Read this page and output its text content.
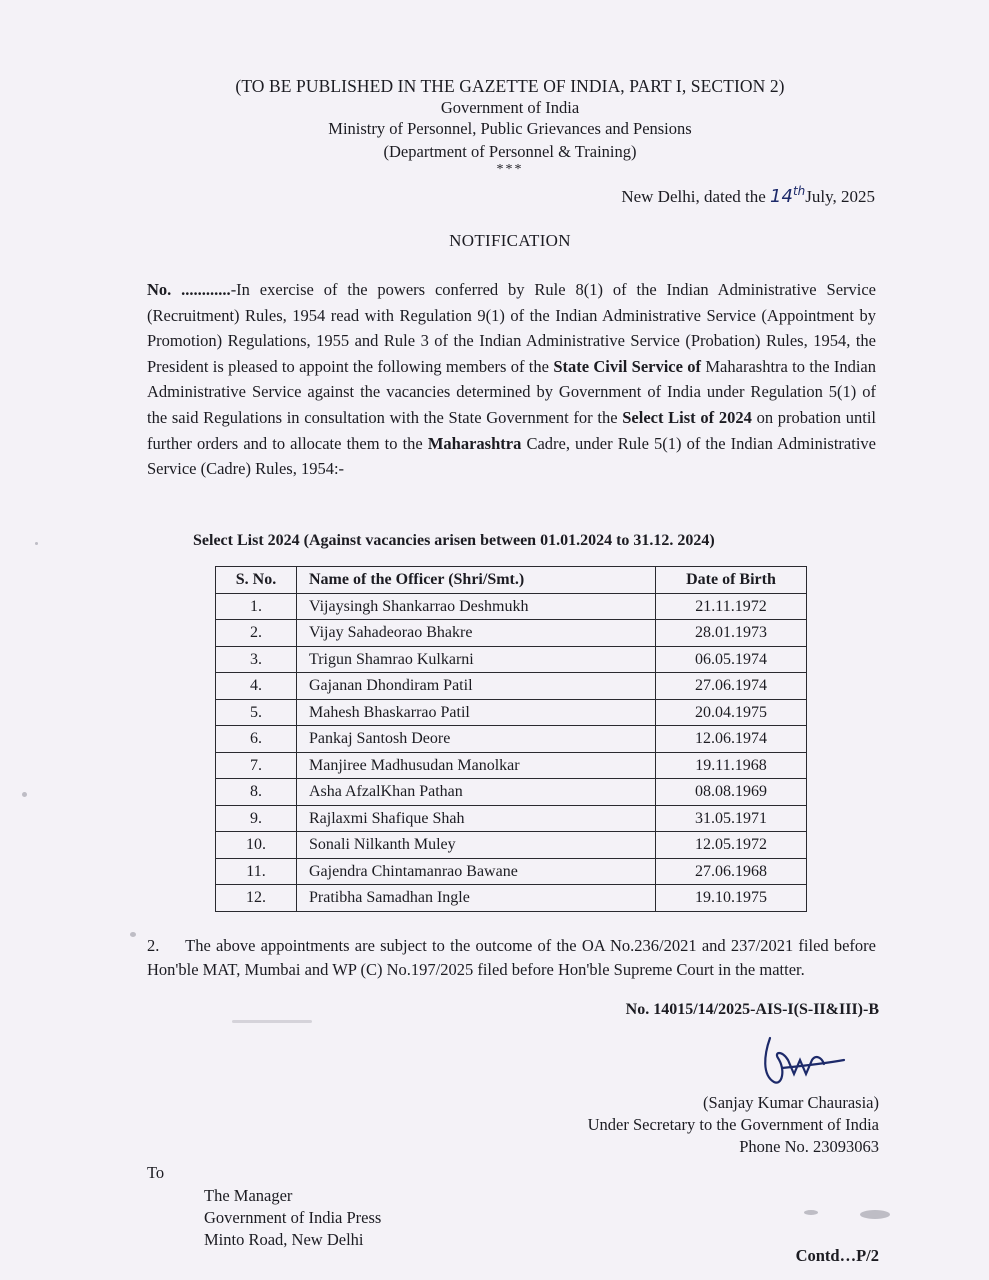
(TO BE PUBLISHED IN THE GAZETTE OF INDIA, PART I, SECTION 2)
Government of India
Ministry of Personnel, Public Grievances and Pensions
(Department of Personnel & Training)
***
New Delhi, dated the 14thJuly, 2025
NOTIFICATION
No. ............-In exercise of the powers conferred by Rule 8(1) of the Indian Administrative Service (Recruitment) Rules, 1954 read with Regulation 9(1) of the Indian Administrative Service (Appointment by Promotion) Regulations, 1955 and Rule 3 of the Indian Administrative Service (Probation) Rules, 1954, the President is pleased to appoint the following members of the State Civil Service of Maharashtra to the Indian Administrative Service against the vacancies determined by Government of India under Regulation 5(1) of the said Regulations in consultation with the State Government for the Select List of 2024 on probation until further orders and to allocate them to the Maharashtra Cadre, under Rule 5(1) of the Indian Administrative Service (Cadre) Rules, 1954:-
Select List 2024 (Against vacancies arisen between 01.01.2024 to 31.12. 2024)
S. No.	Name of the Officer (Shri/Smt.)	Date of Birth
1.	Vijaysingh Shankarrao Deshmukh	21.11.1972
2.	Vijay Sahadeorao Bhakre	28.01.1973
3.	Trigun Shamrao Kulkarni	06.05.1974
4.	Gajanan Dhondiram Patil	27.06.1974
5.	Mahesh Bhaskarrao Patil	20.04.1975
6.	Pankaj Santosh Deore	12.06.1974
7.	Manjiree Madhusudan Manolkar	19.11.1968
8.	Asha AfzalKhan Pathan	08.08.1969
9.	Rajlaxmi Shafique Shah	31.05.1971
10.	Sonali Nilkanth Muley	12.05.1972
11.	Gajendra Chintamanrao Bawane	27.06.1968
12.	Pratibha Samadhan Ingle	19.10.1975
2.     The above appointments are subject to the outcome of the OA No.236/2021 and 237/2021 filed before Hon'ble MAT, Mumbai and WP (C) No.197/2025 filed before Hon'ble Supreme Court in the matter.
No. 14015/14/2025-AIS-I(S-II&III)-B
(Sanjay Kumar Chaurasia)
Under Secretary to the Government of India
Phone No. 23093063
To
The Manager
Government of India Press
Minto Road, New Delhi
Contd…P/2
